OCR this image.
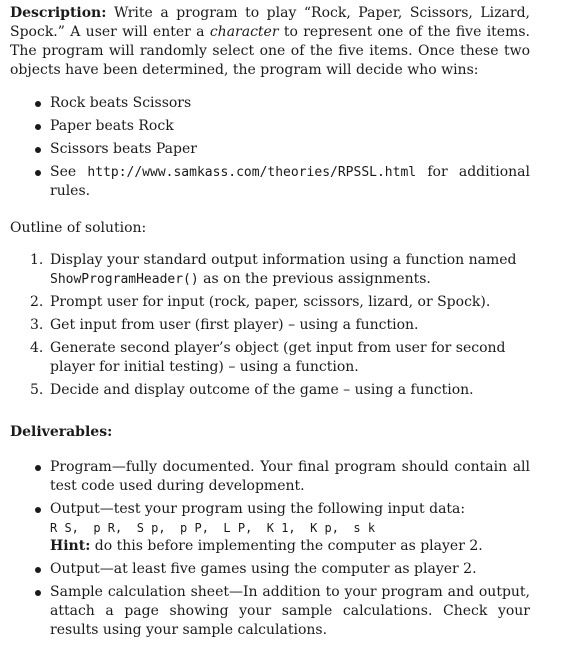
Description: Write a program to play “Rock, Paper, Scissors, Lizard, Spock.” A user will enter a character to represent one of the five items. The program will randomly select one of the five items. Once these two objects have been determined, the program will decide who wins:

Rock beats Scissors
Paper beats Rock
Scissors beats Paper
See http://www.samkass.com/theories/RPSSL.html for additional rules.

Outline of solution:

1. Display your standard output information using a function named ShowProgramHeader() as on the previous assignments.
2. Prompt user for input (rock, paper, scissors, lizard, or Spock).
3. Get input from user (first player) – using a function.
4. Generate second player’s object (get input from user for second player for initial testing) – using a function.
5. Decide and display outcome of the game – using a function.

Deliverables:

Program—fully documented. Your final program should contain all test code used during development.
Output—test your program using the following input data:
R S,  p R,  S p,  p P,  L P,  K 1,  K p,  s k
Hint: do this before implementing the computer as player 2.
Output—at least five games using the computer as player 2.
Sample calculation sheet—In addition to your program and output, attach a page showing your sample calculations. Check your results using your sample calculations.
